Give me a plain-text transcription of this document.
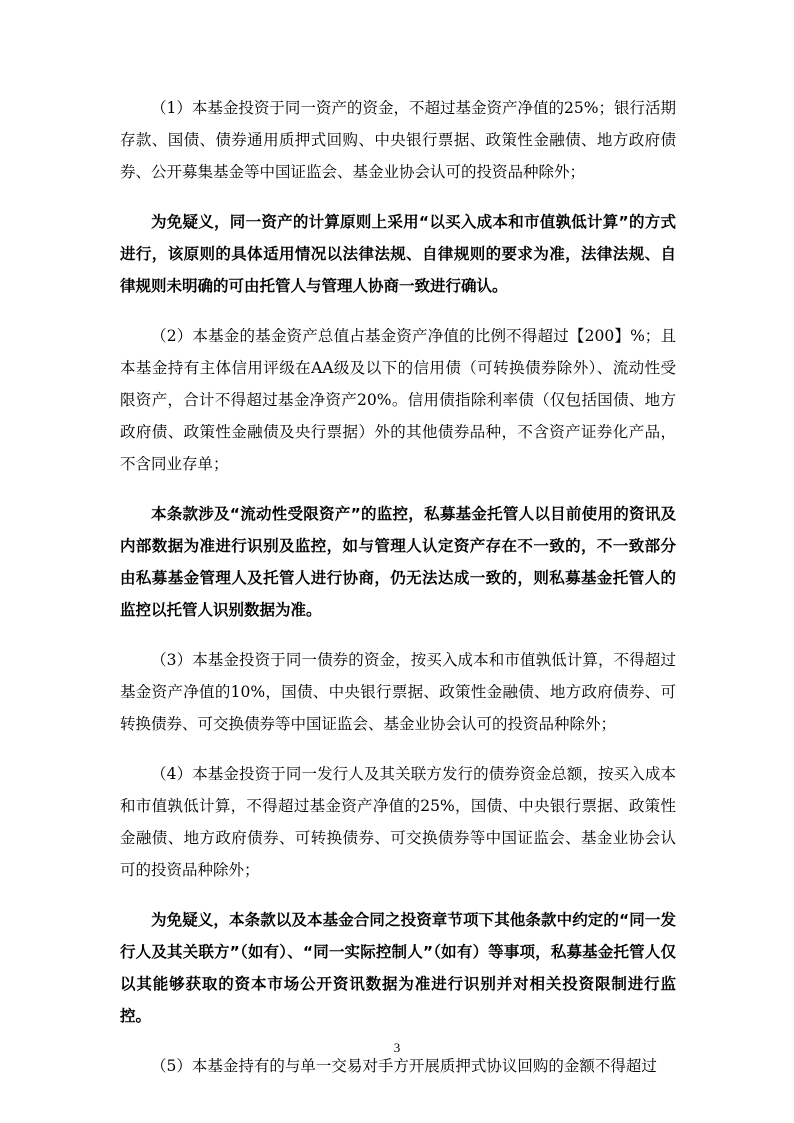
（1）本基金投资于同一资产的资金，不超过基金资产净值的25%；银行活期存款、国债、债券通用质押式回购、中央银行票据、政策性金融债、地方政府债券、公开募集基金等中国证监会、基金业协会认可的投资品种除外；

为免疑义，同一资产的计算原则上采用“以买入成本和市值孰低计算”的方式进行，该原则的具体适用情况以法律法规、自律规则的要求为准，法律法规、自律规则未明确的可由托管人与管理人协商一致进行确认。

（2）本基金的基金资产总值占基金资产净值的比例不得超过【200】%；且本基金持有主体信用评级在AA级及以下的信用债（可转换债券除外）、流动性受限资产，合计不得超过基金净资产20%。信用债指除利率债（仅包括国债、地方政府债、政策性金融债及央行票据）外的其他债券品种，不含资产证券化产品，不含同业存单；

本条款涉及“流动性受限资产”的监控，私募基金托管人以目前使用的资讯及内部数据为准进行识别及监控，如与管理人认定资产存在不一致的，不一致部分由私募基金管理人及托管人进行协商，仍无法达成一致的，则私募基金托管人的监控以托管人识别数据为准。

（3）本基金投资于同一债券的资金，按买入成本和市值孰低计算，不得超过基金资产净值的10%，国债、中央银行票据、政策性金融债、地方政府债券、可转换债券、可交换债券等中国证监会、基金业协会认可的投资品种除外；

（4）本基金投资于同一发行人及其关联方发行的债券资金总额，按买入成本和市值孰低计算，不得超过基金资产净值的25%，国债、中央银行票据、政策性金融债、地方政府债券、可转换债券、可交换债券等中国证监会、基金业协会认可的投资品种除外；

为免疑义，本条款以及本基金合同之投资章节项下其他条款中约定的“同一发行人及其关联方”（如有）、“同一实际控制人”（如有）等事项，私募基金托管人仅以其能够获取的资本市场公开资讯数据为准进行识别并对相关投资限制进行监控。

（5）本基金持有的与单一交易对手方开展质押式协议回购的金额不得超过

3
